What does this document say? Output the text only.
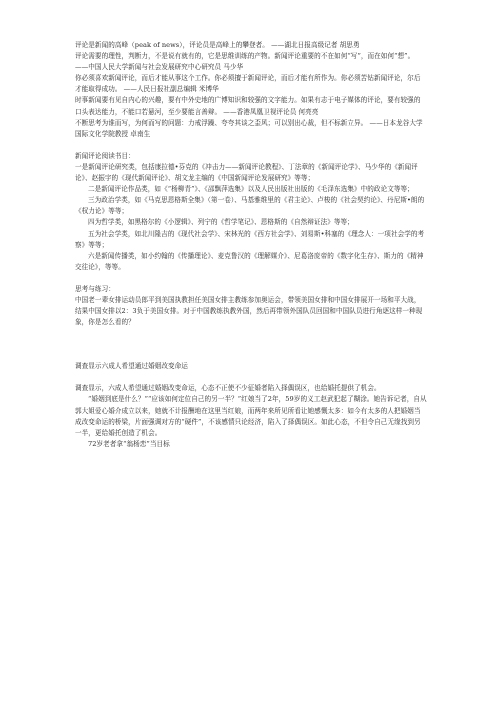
评论是新闻的高峰（peak of news），评论员是高峰上的攀登者。 ——湖北日报高级记者 胡思勇

评论需要的理性，判断力，不是说有就有的，它是思维训练的产物。新闻评论重要的不在如何“写”，而在如何“想”。 ——中国人民大学新闻与社会发展研究中心研究员 马少华

你必须喜欢新闻评论，而后才能从事这个工作。你必须擅于新闻评论，而后才能有所作为。你必须苦钻新闻评论，尔后才能取得成功。 ——人民日报社副总编辑 米博华

时事新闻要有见自内心的兴趣，要有中外史地的广博知识和较强的文字能力。如果有志于电子媒体的评论，要有较强的口头表达能力，不能口若悬河，至少要能言善辩。 ——香港凤凰卫视评论员 何亮亮

不断思考为谁而写，为何而写的问题：力戒浮躁、夸夸其谈之歪风；可以别出心裁，但不标新立异。 ——日本龙谷大学国际文化学院教授 卓南生

新闻评论阅读书目：

一是新闻评论研究类，包括康拉德•芬克的《冲击力——新闻评论教程》、丁法章的《新闻评论学》、马少华的《新闻评论》、赵振宇的《现代新闻评论》、胡文龙主编的《中国新闻评论发展研究》等等；

二是新闻评论作品类，如《“杨柳青”》、《邵飘萍选集》以及人民出版社出版的《毛泽东选集》中的政论文等等；

三为政治学类，如《马克思恩格斯全集》（第一卷）、马基雅维里的《君主论》、卢梭的《社会契约论》、丹尼斯•朗的《权力论》等等；

四为哲学类，如黑格尔的《小逻辑》、列宁的《哲学笔记》、恩格斯的《自然辩证法》等等；

五为社会学类，如北川隆吉的《现代社会学》、宋林光的《西方社会学》、刘易斯•科塞的《理念人：一项社会学的考察》等等；

六是新闻传播类，如小约翰的《传播理论》、麦克鲁汉的《理解媒介》、尼葛洛庞帝的《数字化生存》、斯力的《精神交往论》，等等。

思考与练习：

中国老一辈女排运动员郎平到美国执教担任美国女排主教练参加奥运会，带领美国女排和中国女排展开一场和平大战，结果中国女排以2：3负于美国女排。对于中国教练执教外国，然后再带领外国队员回国和中国队员进行角逐这样一种现象，你是怎么看的？

调查显示六成人希望通过婚姻改变命运

调查显示，六成人希望通过婚姻改变命运，心态不正使不少征婚者陷入择偶误区，也给婚托提供了机会。

“婚姻到底是什么？”“应该如何定位自己的另一半？”红娘当了2年，59岁的义工赵武犯起了糊涂。她告诉记者，自从郭大姐爱心婚介成立以来，她就不计报酬地在这里当红娘，而两年来所见所看让她感慨太多：如今有太多的人把婚姻当成改变命运的桥梁，片面强调对方的“硬件”，不该感情只论经济，陷入了择偶误区。如此心态，不但令自己无缘找到另一半，更给婚托创造了机会。

72岁老者拿“翁杨恋”当目标
